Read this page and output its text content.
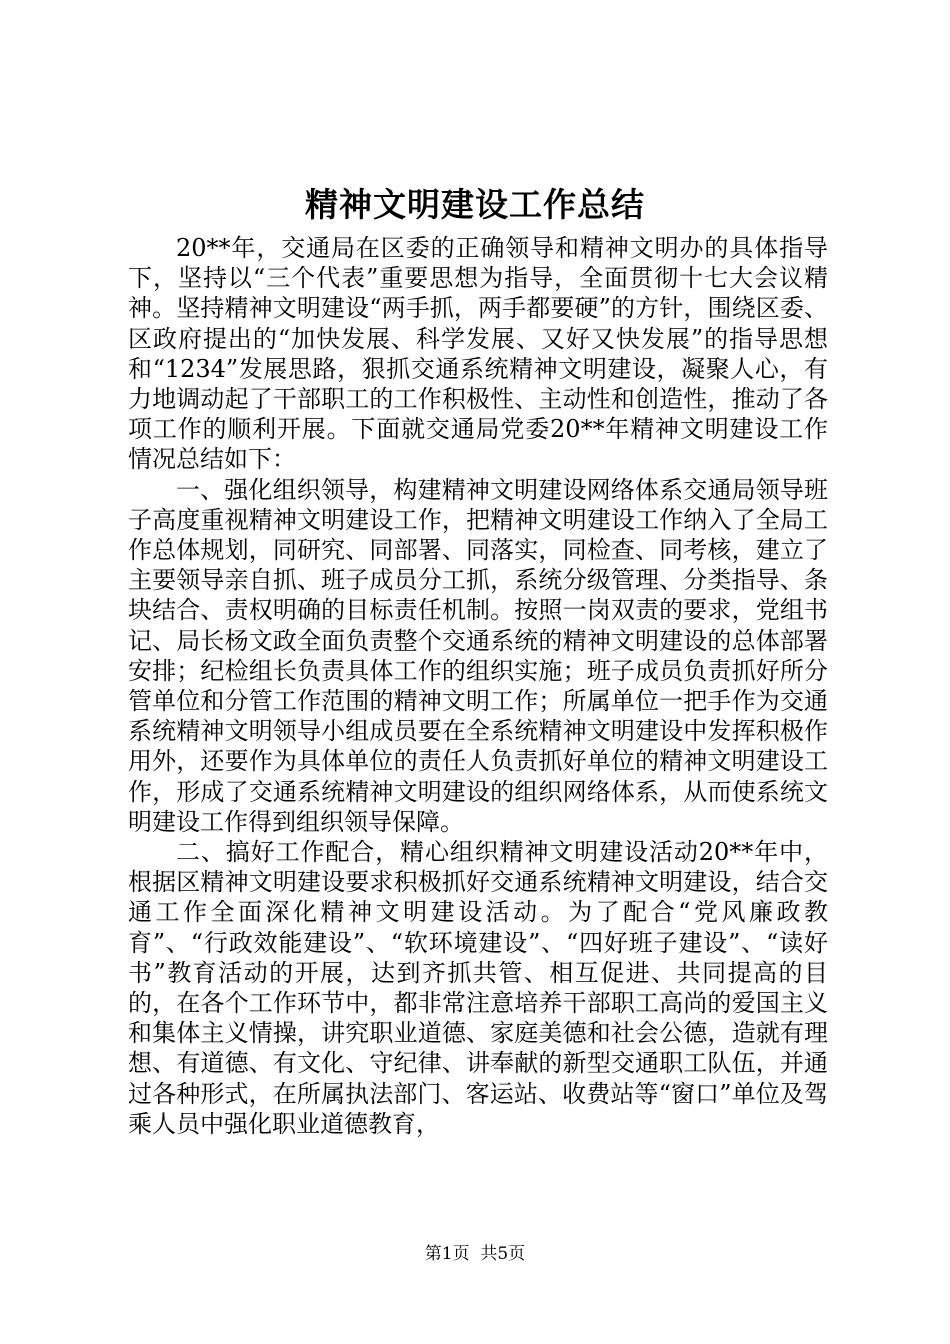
精神文明建设工作总结

20**年，交通局在区委的正确领导和精神文明办的具体指导下，坚持以“三个代表”重要思想为指导，全面贯彻十七大会议精神。坚持精神文明建设“两手抓，两手都要硬”的方针，围绕区委、区政府提出的“加快发展、科学发展、又好又快发展”的指导思想和“1234”发展思路，狠抓交通系统精神文明建设，凝聚人心，有力地调动起了干部职工的工作积极性、主动性和创造性，推动了各项工作的顺利开展。下面就交通局党委20**年精神文明建设工作情况总结如下：

一、强化组织领导，构建精神文明建设网络体系交通局领导班子高度重视精神文明建设工作，把精神文明建设工作纳入了全局工作总体规划，同研究、同部署、同落实，同检查、同考核，建立了主要领导亲自抓、班子成员分工抓，系统分级管理、分类指导、条块结合、责权明确的目标责任机制。按照一岗双责的要求，党组书记、局长杨文政全面负责整个交通系统的精神文明建设的总体部署安排；纪检组长负责具体工作的组织实施；班子成员负责抓好所分管单位和分管工作范围的精神文明工作；所属单位一把手作为交通系统精神文明领导小组成员要在全系统精神文明建设中发挥积极作用外，还要作为具体单位的责任人负责抓好单位的精神文明建设工作，形成了交通系统精神文明建设的组织网络体系，从而使系统文明建设工作得到组织领导保障。

二、搞好工作配合，精心组织精神文明建设活动20**年中，根据区精神文明建设要求积极抓好交通系统精神文明建设，结合交通工作全面深化精神文明建设活动。为了配合“党风廉政教育”、“行政效能建设”、“软环境建设”、“四好班子建设”、“读好书”教育活动的开展，达到齐抓共管、相互促进、共同提高的目的，在各个工作环节中，都非常注意培养干部职工高尚的爱国主义和集体主义情操，讲究职业道德、家庭美德和社会公德，造就有理想、有道德、有文化、守纪律、讲奉献的新型交通职工队伍，并通过各种形式，在所属执法部门、客运站、收费站等“窗口”单位及驾乘人员中强化职业道德教育，

第1页 共5页
